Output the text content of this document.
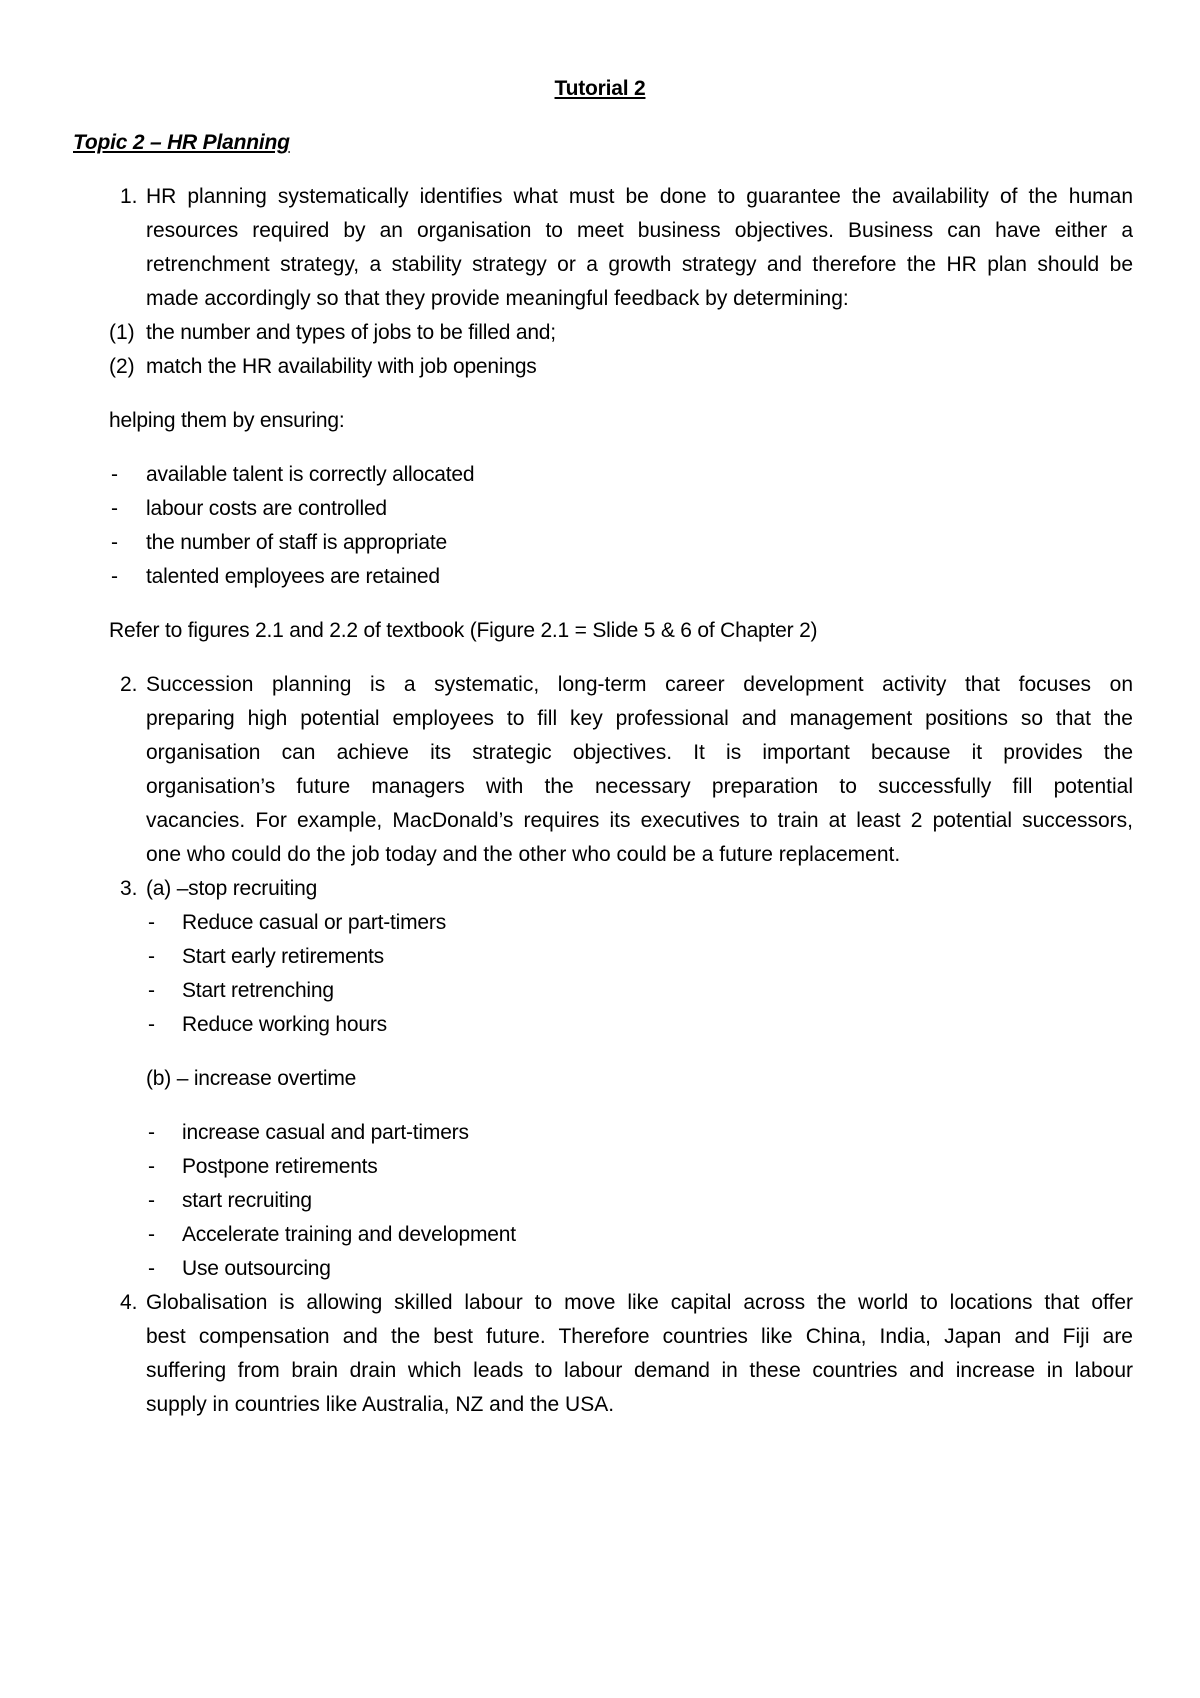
Tutorial 2
Topic 2 – HR Planning
1. HR planning systematically identifies what must be done to guarantee the availability of the human
resources required by an organisation to meet business objectives. Business can have either a
retrenchment strategy, a stability strategy or a growth strategy and therefore the HR plan should be
made accordingly so that they provide meaningful feedback by determining:
(1) the number and types of jobs to be filled and;
(2) match the HR availability with job openings
helping them by ensuring:
- available talent is correctly allocated
- labour costs are controlled
- the number of staff is appropriate
- talented employees are retained
Refer to figures 2.1 and 2.2 of textbook (Figure 2.1 = Slide 5 & 6 of Chapter 2)
2. Succession planning is a systematic, long-term career development activity that focuses on
preparing high potential employees to fill key professional and management positions so that the
organisation can achieve its strategic objectives. It is important because it provides the
organisation’s future managers with the necessary preparation to successfully fill potential
vacancies. For example, MacDonald’s requires its executives to train at least 2 potential successors,
one who could do the job today and the other who could be a future replacement.
3. (a) –stop recruiting
- Reduce casual or part-timers
- Start early retirements
- Start retrenching
- Reduce working hours
(b) – increase overtime
- increase casual and part-timers
- Postpone retirements
- start recruiting
- Accelerate training and development
- Use outsourcing
4. Globalisation is allowing skilled labour to move like capital across the world to locations that offer
best compensation and the best future. Therefore countries like China, India, Japan and Fiji are
suffering from brain drain which leads to labour demand in these countries and increase in labour
supply in countries like Australia, NZ and the USA.
